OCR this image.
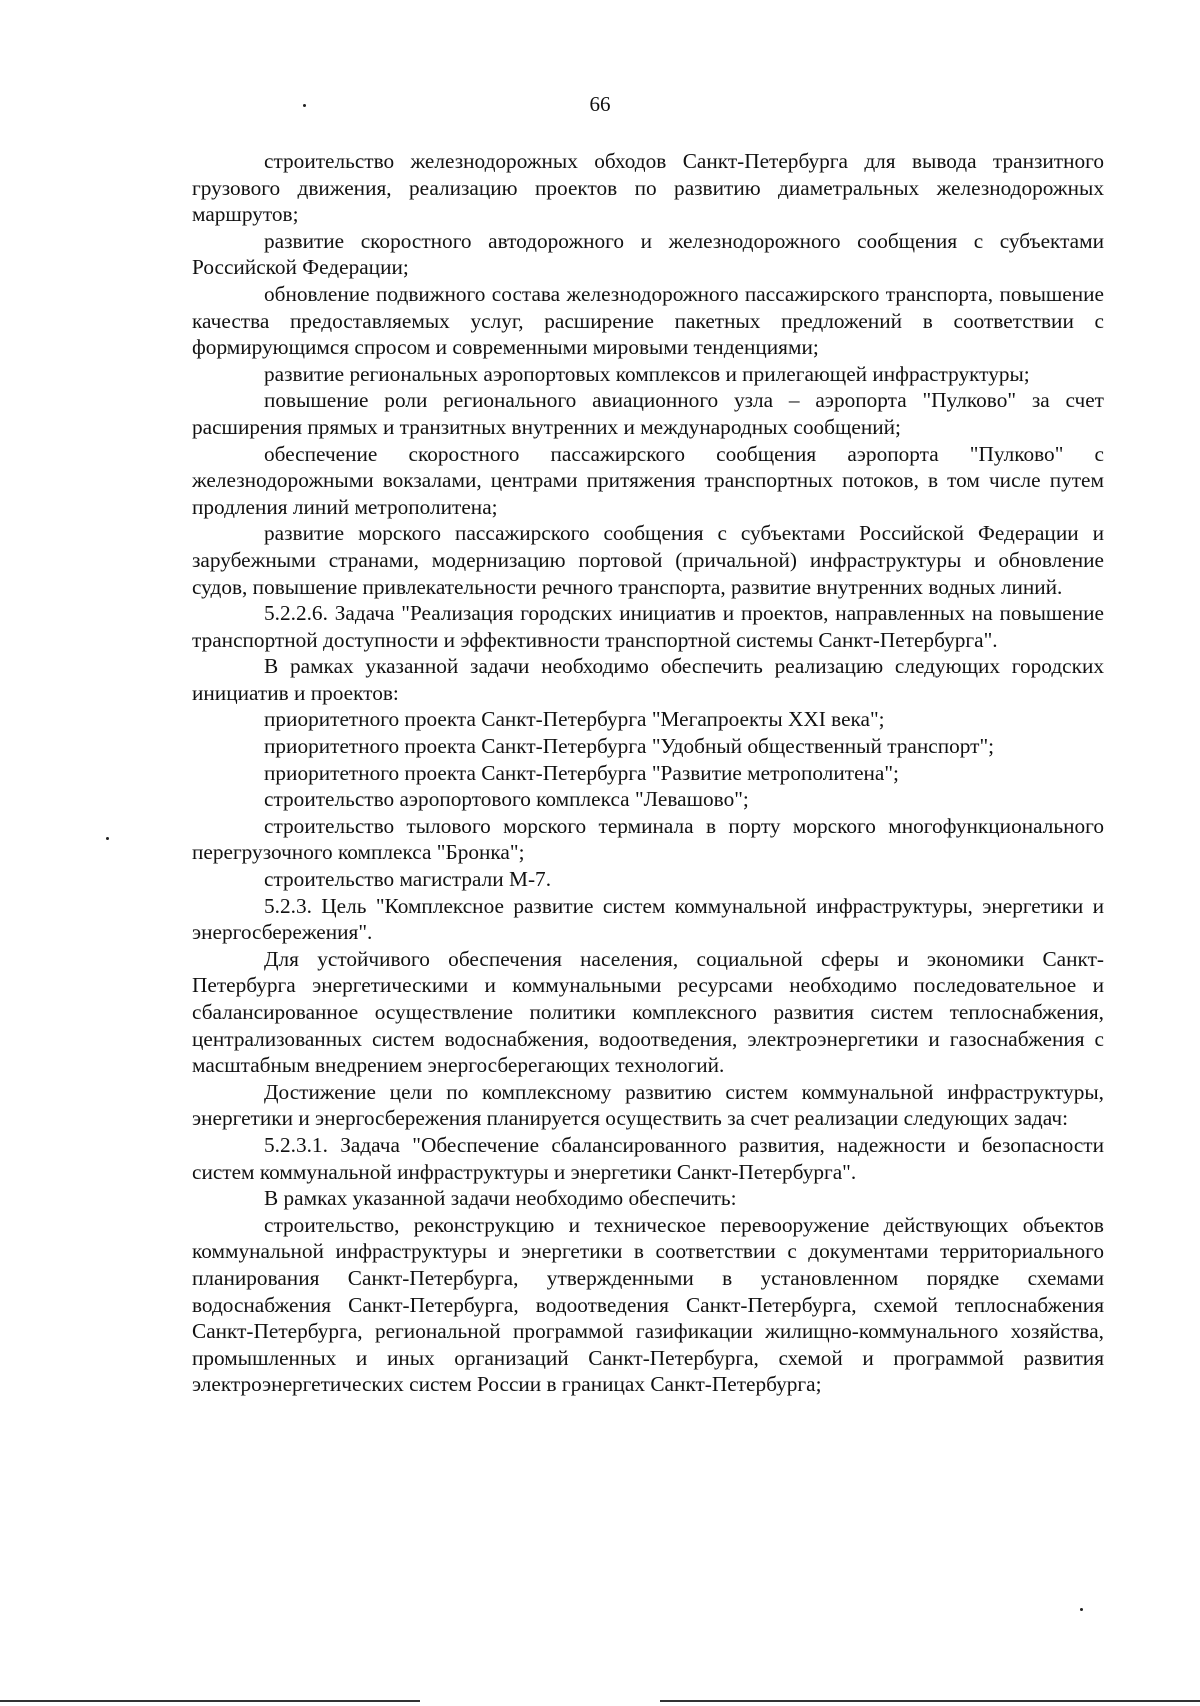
66

строительство железнодорожных обходов Санкт-Петербурга для вывода транзитного грузового движения, реализацию проектов по развитию диаметральных железнодорожных маршрутов;

развитие скоростного автодорожного и железнодорожного сообщения с субъектами Российской Федерации;

обновление подвижного состава железнодорожного пассажирского транспорта, повышение качества предоставляемых услуг, расширение пакетных предложений в соответствии с формирующимся спросом и современными мировыми тенденциями;

развитие региональных аэропортовых комплексов и прилегающей инфраструктуры;

повышение роли регионального авиационного узла – аэропорта "Пулково" за счет расширения прямых и транзитных внутренних и международных сообщений;

обеспечение скоростного пассажирского сообщения аэропорта "Пулково" с железнодорожными вокзалами, центрами притяжения транспортных потоков, в том числе путем продления линий метрополитена;

развитие морского пассажирского сообщения с субъектами Российской Федерации и зарубежными странами, модернизацию портовой (причальной) инфраструктуры и обновление судов, повышение привлекательности речного транспорта, развитие внутренних водных линий.

5.2.2.6. Задача "Реализация городских инициатив и проектов, направленных на повышение транспортной доступности и эффективности транспортной системы Санкт-Петербурга".

В рамках указанной задачи необходимо обеспечить реализацию следующих городских инициатив и проектов:

приоритетного проекта Санкт-Петербурга "Мегапроекты XXI века";

приоритетного проекта Санкт-Петербурга "Удобный общественный транспорт";

приоритетного проекта Санкт-Петербурга "Развитие метрополитена";

строительство аэропортового комплекса "Левашово";

строительство тылового морского терминала в порту морского многофункционального перегрузочного комплекса "Бронка";

строительство магистрали М-7.

5.2.3. Цель "Комплексное развитие систем коммунальной инфраструктуры, энергетики и энергосбережения".

Для устойчивого обеспечения населения, социальной сферы и экономики Санкт-Петербурга энергетическими и коммунальными ресурсами необходимо последовательное и сбалансированное осуществление политики комплексного развития систем теплоснабжения, централизованных систем водоснабжения, водоотведения, электроэнергетики и газоснабжения с масштабным внедрением энергосберегающих технологий.

Достижение цели по комплексному развитию систем коммунальной инфраструктуры, энергетики и энергосбережения планируется осуществить за счет реализации следующих задач:

5.2.3.1. Задача "Обеспечение сбалансированного развития, надежности и безопасности систем коммунальной инфраструктуры и энергетики Санкт-Петербурга".

В рамках указанной задачи необходимо обеспечить:

строительство, реконструкцию и техническое перевооружение действующих объектов коммунальной инфраструктуры и энергетики в соответствии с документами территориального планирования Санкт-Петербурга, утвержденными в установленном порядке схемами водоснабжения Санкт-Петербурга, водоотведения Санкт-Петербурга, схемой теплоснабжения Санкт-Петербурга, региональной программой газификации жилищно-коммунального хозяйства, промышленных и иных организаций Санкт-Петербурга, схемой и программой развития электроэнергетических систем России в границах Санкт-Петербурга;
